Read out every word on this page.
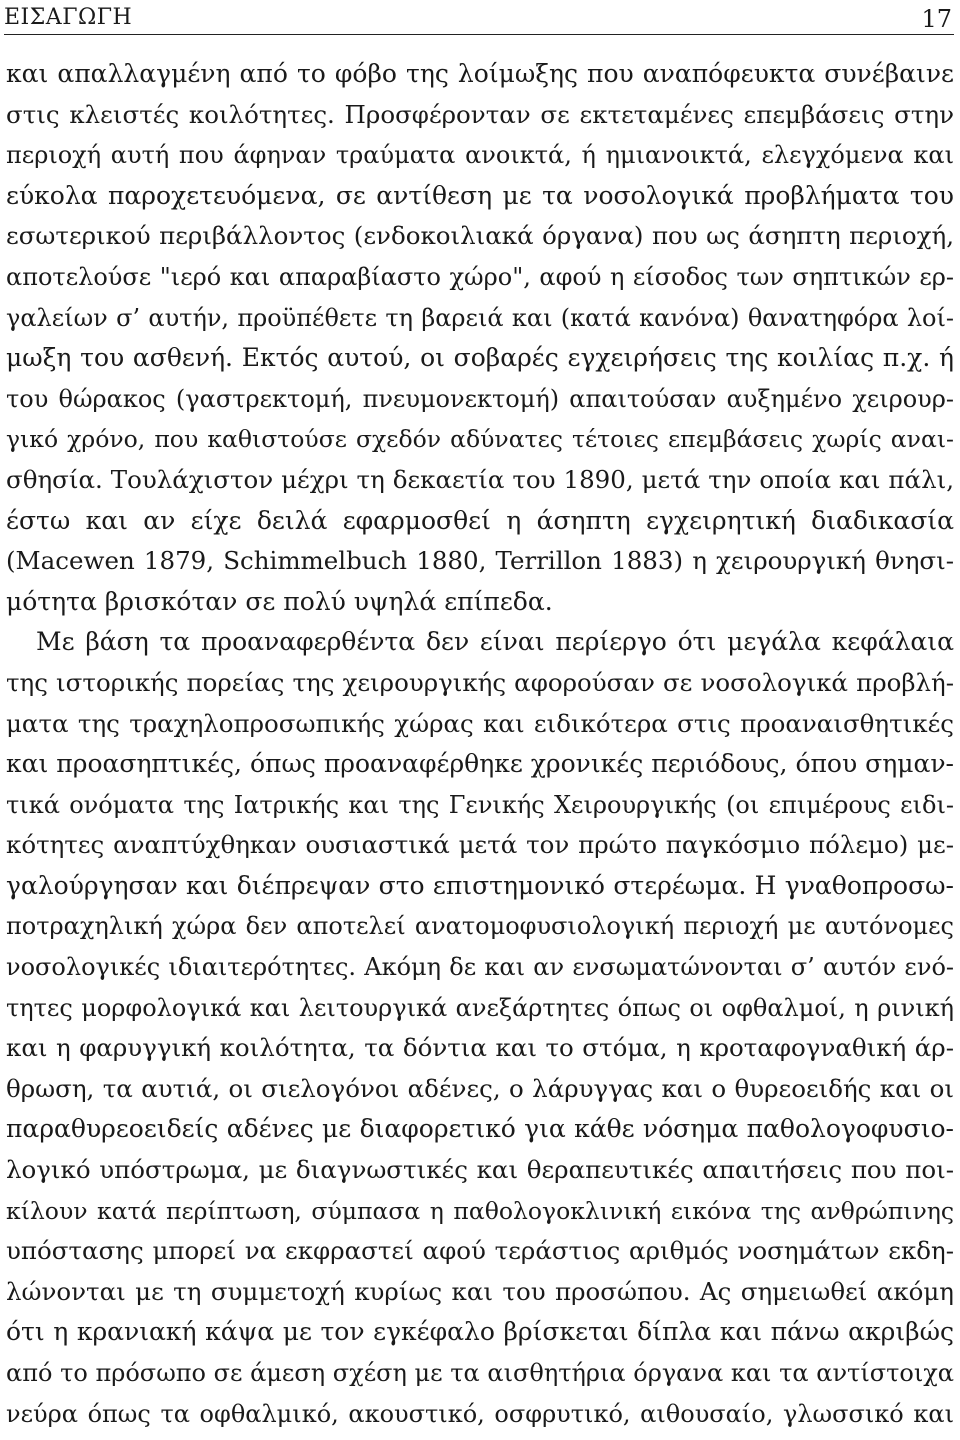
ΕΙΣΑΓΩΓΗ	17
και απαλλαγμένη από το φόβο της λοίμωξης που αναπόφευκτα συνέβαινε
στις κλειστές κοιλότητες. Προσφέρονταν σε εκτεταμένες επεμβάσεις στην
περιοχή αυτή που άφηναν τραύματα ανοικτά, ή ημιανοικτά, ελεγχόμενα και
εύκολα παροχετευόμενα, σε αντίθεση με τα νοσολογικά προβλήματα του
εσωτερικού περιβάλλοντος (ενδοκοιλιακά όργανα) που ως άσηπτη περιοχή,
αποτελούσε "ιερό και απαραβίαστο χώρο", αφού η είσοδος των σηπτικών ερ-
γαλείων σ’ αυτήν, προϋπέθετε τη βαρειά και (κατά κανόνα) θανατηφόρα λοί-
μωξη του ασθενή. Εκτός αυτού, οι σοβαρές εγχειρήσεις της κοιλίας π.χ. ή
του θώρακος (γαστρεκτομή, πνευμονεκτομή) απαιτούσαν αυξημένο χειρουρ-
γικό χρόνο, που καθιστούσε σχεδόν αδύνατες τέτοιες επεμβάσεις χωρίς αναι-
σθησία. Τουλάχιστον μέχρι τη δεκαετία του 1890, μετά την οποία και πάλι,
έστω και αν είχε δειλά εφαρμοσθεί η άσηπτη εγχειρητική διαδικασία
(Macewen 1879, Schimmelbuch 1880, Terrillon 1883) η χειρουργική θνησι-
μότητα βρισκόταν σε πολύ υψηλά επίπεδα.
Με βάση τα προαναφερθέντα δεν είναι περίεργο ότι μεγάλα κεφάλαια
της ιστορικής πορείας της χειρουργικής αφορούσαν σε νοσολογικά προβλή-
ματα της τραχηλοπροσωπικής χώρας και ειδικότερα στις προαναισθητικές
και προασηπτικές, όπως προαναφέρθηκε χρονικές περιόδους, όπου σημαν-
τικά ονόματα της Ιατρικής και της Γενικής Χειρουργικής (οι επιμέρους ειδι-
κότητες αναπτύχθηκαν ουσιαστικά μετά τον πρώτο παγκόσμιο πόλεμο) με-
γαλούργησαν και διέπρεψαν στο επιστημονικό στερέωμα. Η γναθοπροσω-
ποτραχηλική χώρα δεν αποτελεί ανατομοφυσιολογική περιοχή με αυτόνομες
νοσολογικές ιδιαιτερότητες. Ακόμη δε και αν ενσωματώνονται σ’ αυτόν ενό-
τητες μορφολογικά και λειτουργικά ανεξάρτητες όπως οι οφθαλμοί, η ρινική
και η φαρυγγική κοιλότητα, τα δόντια και το στόμα, η κροταφογναθική άρ-
θρωση, τα αυτιά, οι σιελογόνοι αδένες, ο λάρυγγας και ο θυρεοειδής και οι
παραθυρεοειδείς αδένες με διαφορετικό για κάθε νόσημα παθολογοφυσιο-
λογικό υπόστρωμα, με διαγνωστικές και θεραπευτικές απαιτήσεις που ποι-
κίλουν κατά περίπτωση, σύμπασα η παθολογοκλινική εικόνα της ανθρώπινης
υπόστασης μπορεί να εκφραστεί αφού τεράστιος αριθμός νοσημάτων εκδη-
λώνονται με τη συμμετοχή κυρίως και του προσώπου. Ας σημειωθεί ακόμη
ότι η κρανιακή κάψα με τον εγκέφαλο βρίσκεται δίπλα και πάνω ακριβώς
από το πρόσωπο σε άμεση σχέση με τα αισθητήρια όργανα και τα αντίστοιχα
νεύρα όπως τα οφθαλμικό, ακουστικό, οσφρυτικό, αιθουσαίο, γλωσσικό και
